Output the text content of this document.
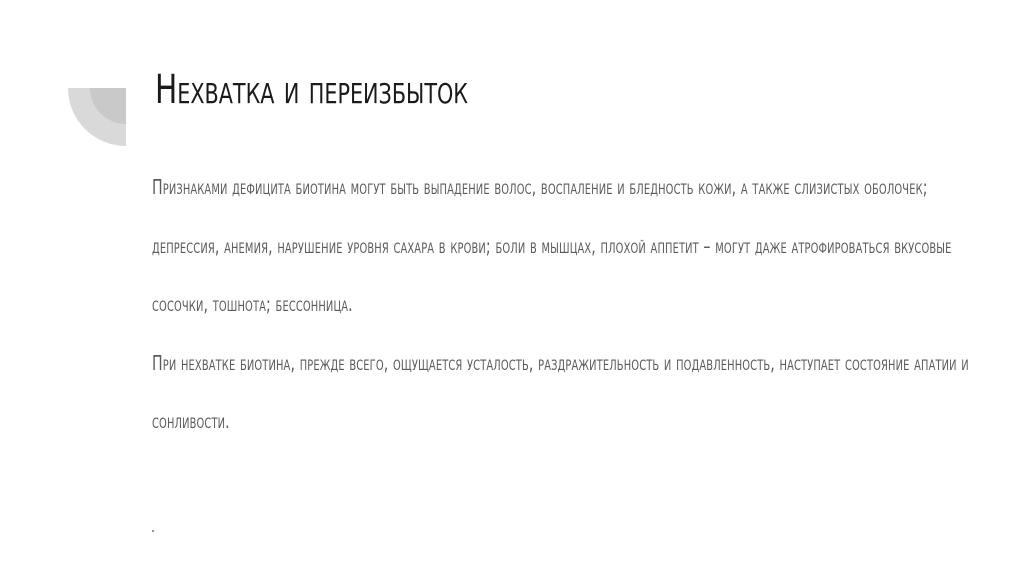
Нехватка и переизбыток

Признаками дефицита биотина могут быть выпадение волос, воспаление и бледность кожи, а также слизистых оболочек; депрессия, анемия, нарушение уровня сахара в крови; боли в мышцах, плохой аппетит – могут даже атрофироваться вкусовые сосочки, тошнота; бессонница.

При нехватке биотина, прежде всего, ощущается усталость, раздражительность и подавленность, наступает состояние апатии и сонливости.
